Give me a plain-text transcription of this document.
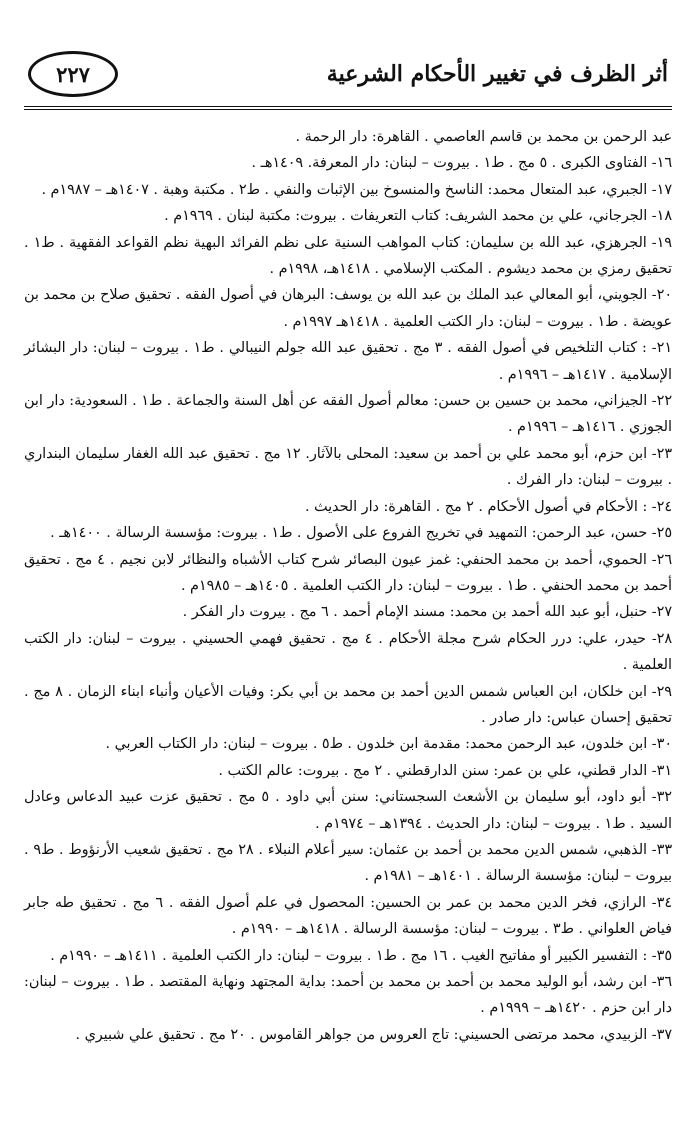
أثر الظرف في تغيير الأحكام الشرعية
٢٢٧

عبد الرحمن بن محمد بن قاسم العاصمي . القاهرة: دار الرحمة .

١٦- الفتاوى الكبرى . ٥ مج . ط١ . بيروت – لبنان: دار المعرفة. ١٤٠٩هـ .

١٧- الجبري، عبد المتعال محمد: الناسخ والمنسوخ بين الإثبات والنفي . ط٢ . مكتبة وهبة . ١٤٠٧هـ – ١٩٨٧م .

١٨- الجرجاني، علي بن محمد الشريف: كتاب التعريفات . بيروت: مكتبة لبنان . ١٩٦٩م .

١٩- الجرهزي، عبد الله بن سليمان: كتاب المواهب السنية على نظم الفرائد البهية نظم القواعد الفقهية . ط١ . تحقيق رمزي بن محمد ديشوم . المكتب الإسلامي . ١٤١٨هـ، ١٩٩٨م .

٢٠- الجويني، أبو المعالي عبد الملك بن عبد الله بن يوسف: البرهان في أصول الفقه . تحقيق صلاح بن محمد بن عويضة . ط١ . بيروت – لبنان: دار الكتب العلمية . ١٤١٨هـ ١٩٩٧م .

٢١- : كتاب التلخيص في أصول الفقه . ٣ مج . تحقيق عبد الله جولم النيبالي . ط١ . بيروت – لبنان: دار البشائر الإسلامية . ١٤١٧هـ – ١٩٩٦م .

٢٢- الجيزاني، محمد بن حسين بن حسن: معالم أصول الفقه عن أهل السنة والجماعة . ط١ . السعودية: دار ابن الجوزي . ١٤١٦هـ – ١٩٩٦م .

٢٣- ابن حزم، أبو محمد علي بن أحمد بن سعيد: المحلى بالآثار. ١٢ مج . تحقيق عبد الله الغفار سليمان البنداري . بيروت – لبنان: دار الفرك .

٢٤- : الأحكام في أصول الأحكام . ٢ مج . القاهرة: دار الحديث .

٢٥- حسن، عبد الرحمن: التمهيد في تخريج الفروع على الأصول . ط١ . بيروت: مؤسسة الرسالة . ١٤٠٠هـ .

٢٦- الحموي، أحمد بن محمد الحنفي: غمز عيون البصائر شرح كتاب الأشباه والنظائر لابن نجيم . ٤ مج . تحقيق أحمد بن محمد الحنفي . ط١ . بيروت – لبنان: دار الكتب العلمية . ١٤٠٥هـ – ١٩٨٥م .

٢٧- حنبل، أبو عبد الله أحمد بن محمد: مسند الإمام أحمد . ٦ مج . بيروت دار الفكر .

٢٨- حيدر، علي: درر الحكام شرح مجلة الأحكام . ٤ مج . تحقيق فهمي الحسيني . بيروت – لبنان: دار الكتب العلمية .

٢٩- ابن خلكان، ابن العباس شمس الدين أحمد بن محمد بن أبي بكر: وفيات الأعيان وأنباء ابناء الزمان . ٨ مج . تحقيق إحسان عباس: دار صادر .

٣٠- ابن خلدون، عبد الرحمن محمد: مقدمة ابن خلدون . ط٥ . بيروت – لبنان: دار الكتاب العربي .

٣١- الدار قطني، علي بن عمر: سنن الدارقطني . ٢ مج . بيروت: عالم الكتب .

٣٢- أبو داود، أبو سليمان بن الأشعث السجستاني: سنن أبي داود . ٥ مج . تحقيق عزت عبيد الدعاس وعادل السيد . ط١ . بيروت – لبنان: دار الحديث . ١٣٩٤هـ – ١٩٧٤م .

٣٣- الذهبي، شمس الدين محمد بن أحمد بن عثمان: سير أعلام النبلاء . ٢٨ مج . تحقيق شعيب الأرنؤوط . ط٩ . بيروت – لبنان: مؤسسة الرسالة . ١٤٠١هـ – ١٩٨١م .

٣٤- الرازي، فخر الدين محمد بن عمر بن الحسين: المحصول في علم أصول الفقه . ٦ مج . تحقيق طه جابر فياض العلواني . ط٣ . بيروت – لبنان: مؤسسة الرسالة . ١٤١٨هـ – ١٩٩٠م .

٣٥- : التفسير الكبير أو مفاتيح الغيب . ١٦ مج . ط١ . بيروت – لبنان: دار الكتب العلمية . ١٤١١هـ – ١٩٩٠م .

٣٦- ابن رشد، أبو الوليد محمد بن أحمد بن محمد بن أحمد: بداية المجتهد ونهاية المقتصد . ط١ . بيروت – لبنان: دار ابن حزم . ١٤٢٠هـ – ١٩٩٩م .

٣٧- الزبيدي، محمد مرتضى الحسيني: تاج العروس من جواهر القاموس . ٢٠ مج . تحقيق علي شبيري .
